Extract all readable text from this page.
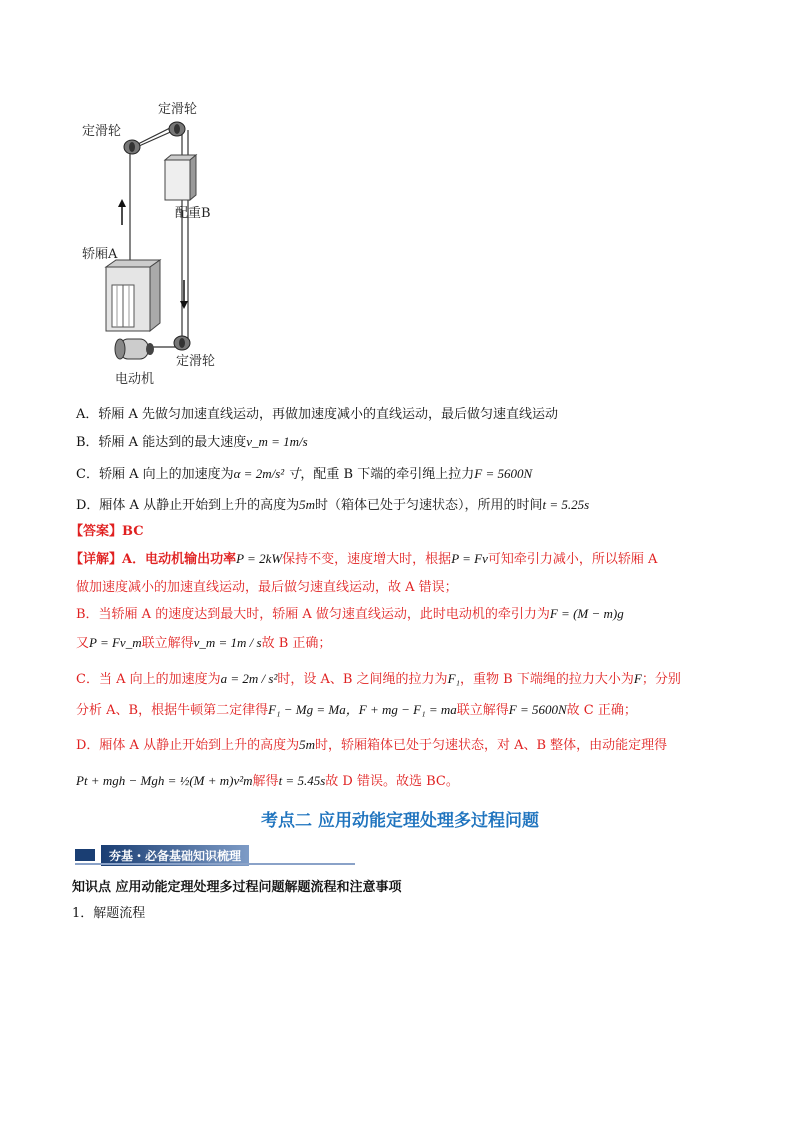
定滑轮
定滑轮
配重B
轿厢A
定滑轮
电动机
A．轿厢 A 先做匀加速直线运动，再做加速度减小的直线运动，最后做匀速直线运动
B．轿厢 A 能达到的最大速度v_m = 1m/s
C．轿厢 A 向上的加速度为α = 2m/s² 寸，配重 B 下端的牵引绳上拉力F = 5600N
D．厢体 A 从静止开始到上升的高度为5m时（箱体已处于匀速状态），所用的时间t = 5.25s
【答案】BC
【详解】A．电动机输出功率P = 2kW保持不变，速度增大时，根据P = Fv可知牵引力减小，所以轿厢 A
做加速度减小的加速直线运动，最后做匀速直线运动，故 A 错误；
B．当轿厢 A 的速度达到最大时，轿厢 A 做匀速直线运动，此时电动机的牵引力为F = (M − m)g
又P = Fv_m联立解得v_m = 1m / s故 B 正确；
C．当 A 向上的加速度为a = 2m / s²时，设 A、B 之间绳的拉力为F₁，重物 B 下端绳的拉力大小为F；分别
分析 A、B，根据牛顿第二定律得F₁ − Mg = Ma，F + mg − F₁ = ma联立解得F = 5600N故 C 正确；
D．厢体 A 从静止开始到上升的高度为5m时，轿厢箱体已处于匀速状态，对 A、B 整体，由动能定理得
Pt + mgh − Mgh = ½(M + m)v²m解得t = 5.45s故 D 错误。故选 BC。
考点二 应用动能定理处理多过程问题
夯基・必备基础知识梳理
知识点 应用动能定理处理多过程问题解题流程和注意事项
1．解题流程
